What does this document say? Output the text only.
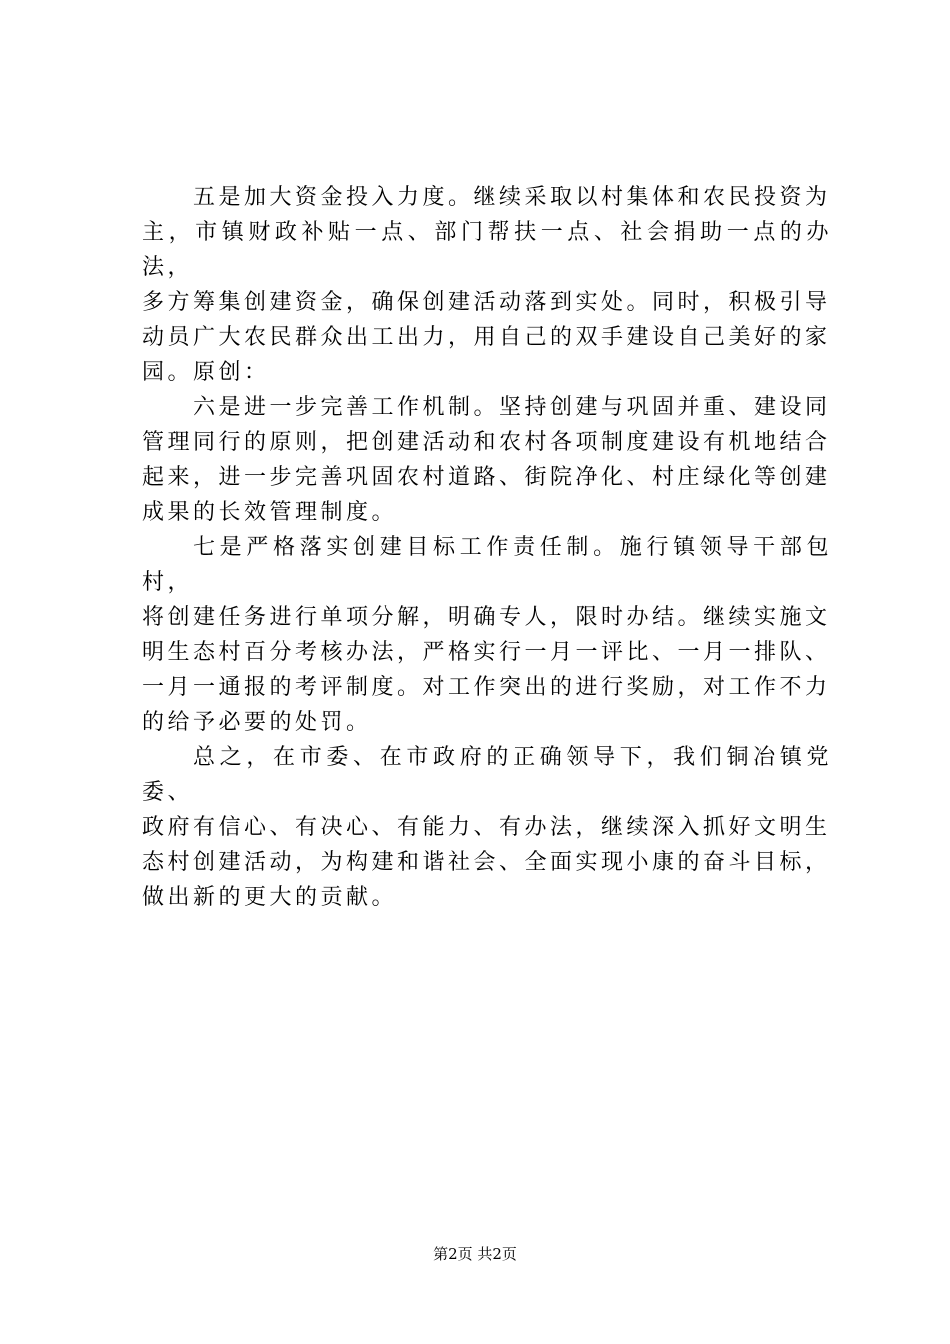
五是加大资金投入力度。继续采取以村集体和农民投资为
主，市镇财政补贴一点、部门帮扶一点、社会捐助一点的办法，
多方筹集创建资金，确保创建活动落到实处。同时，积极引导
动员广大农民群众出工出力，用自己的双手建设自己美好的家
园。原创：

六是进一步完善工作机制。坚持创建与巩固并重、建设同
管理同行的原则，把创建活动和农村各项制度建设有机地结合
起来，进一步完善巩固农村道路、街院净化、村庄绿化等创建
成果的长效管理制度。

七是严格落实创建目标工作责任制。施行镇领导干部包村，
将创建任务进行单项分解，明确专人，限时办结。继续实施文
明生态村百分考核办法，严格实行一月一评比、一月一排队、
一月一通报的考评制度。对工作突出的进行奖励，对工作不力
的给予必要的处罚。

总之，在市委、在市政府的正确领导下，我们铜冶镇党委、
政府有信心、有决心、有能力、有办法，继续深入抓好文明生
态村创建活动，为构建和谐社会、全面实现小康的奋斗目标，
做出新的更大的贡献。

第2页 共2页
